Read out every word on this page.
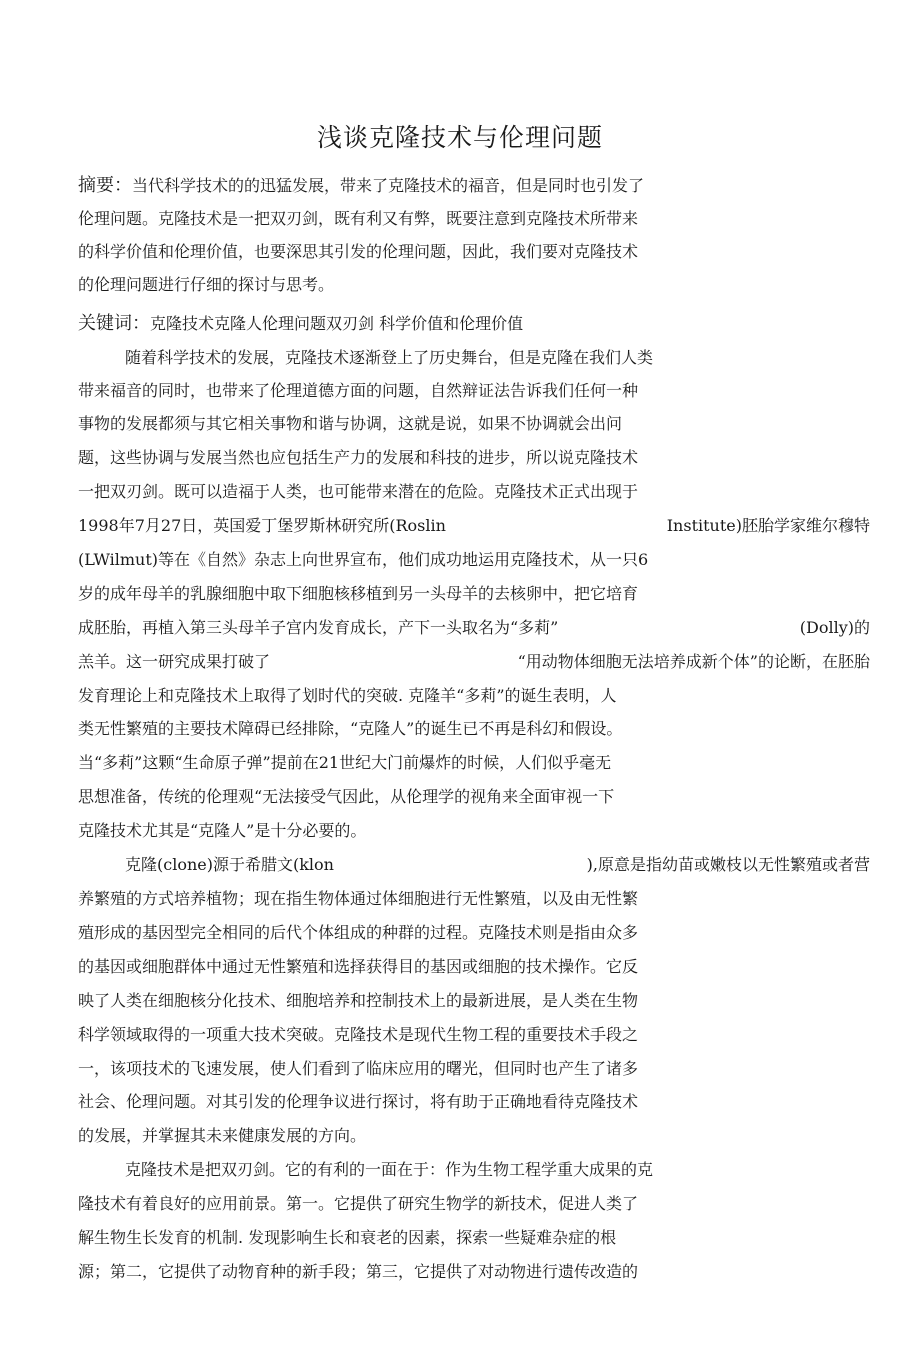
浅谈克隆技术与伦理问题
摘要：当代科学技术的的迅猛发展，带来了克隆技术的福音，但是同时也引发了
伦理问题。克隆技术是一把双刃剑，既有利又有弊，既要注意到克隆技术所带来
的科学价值和伦理价值，也要深思其引发的伦理问题，因此，我们要对克隆技术
的伦理问题进行仔细的探讨与思考。
关键词：克隆技术克隆人伦理问题双刃剑 科学价值和伦理价值
随着科学技术的发展，克隆技术逐渐登上了历史舞台，但是克隆在我们人类
带来福音的同时，也带来了伦理道德方面的问题，自然辩证法告诉我们任何一种
事物的发展都须与其它相关事物和谐与协调，这就是说，如果不协调就会出问
题，这些协调与发展当然也应包括生产力的发展和科技的进步，所以说克隆技术
一把双刃剑。既可以造福于人类，也可能带来潜在的危险。克隆技术正式出现于
1998年7月27日，英国爱丁堡罗斯林研究所(Roslin	Institute)胚胎学家维尔穆特
(LWilmut)等在《自然》杂志上向世界宣布，他们成功地运用克隆技术，从一只6
岁的成年母羊的乳腺细胞中取下细胞核移植到另一头母羊的去核卵中，把它培育
成胚胎，再植入第三头母羊子宫内发育成长，产下一头取名为“多莉”	(Dolly)的
羔羊。这一研究成果打破了	“用动物体细胞无法培养成新个体”的论断，在胚胎
发育理论上和克隆技术上取得了划时代的突破. 克隆羊“多莉”的诞生表明，人
类无性繁殖的主要技术障碍已经排除，“克隆人”的诞生已不再是科幻和假设。
当“多莉”这颗“生命原子弹”提前在21世纪大门前爆炸的时候，人们似乎毫无
思想准备，传统的伦理观“无法接受气因此，从伦理学的视角来全面审视一下
克隆技术尤其是“克隆人”是十分必要的。
克隆(clone)源于希腊文(klon	),原意是指幼苗或嫩枝以无性繁殖或者营
养繁殖的方式培养植物；现在指生物体通过体细胞进行无性繁殖，以及由无性繁
殖形成的基因型完全相同的后代个体组成的种群的过程。克隆技术则是指由众多
的基因或细胞群体中通过无性繁殖和选择获得目的基因或细胞的技术操作。它反
映了人类在细胞核分化技术、细胞培养和控制技术上的最新进展，是人类在生物
科学领域取得的一项重大技术突破。克隆技术是现代生物工程的重要技术手段之
一，该项技术的飞速发展，使人们看到了临床应用的曙光，但同时也产生了诸多
社会、伦理问题。对其引发的伦理争议进行探讨，将有助于正确地看待克隆技术
的发展，并掌握其未来健康发展的方向。
克隆技术是把双刃剑。它的有利的一面在于：作为生物工程学重大成果的克
隆技术有着良好的应用前景。第一。它提供了研究生物学的新技术，促进人类了
解生物生长发育的机制. 发现影响生长和衰老的因素，探索一些疑难杂症的根
源；第二，它提供了动物育种的新手段；第三，它提供了对动物进行遗传改造的
